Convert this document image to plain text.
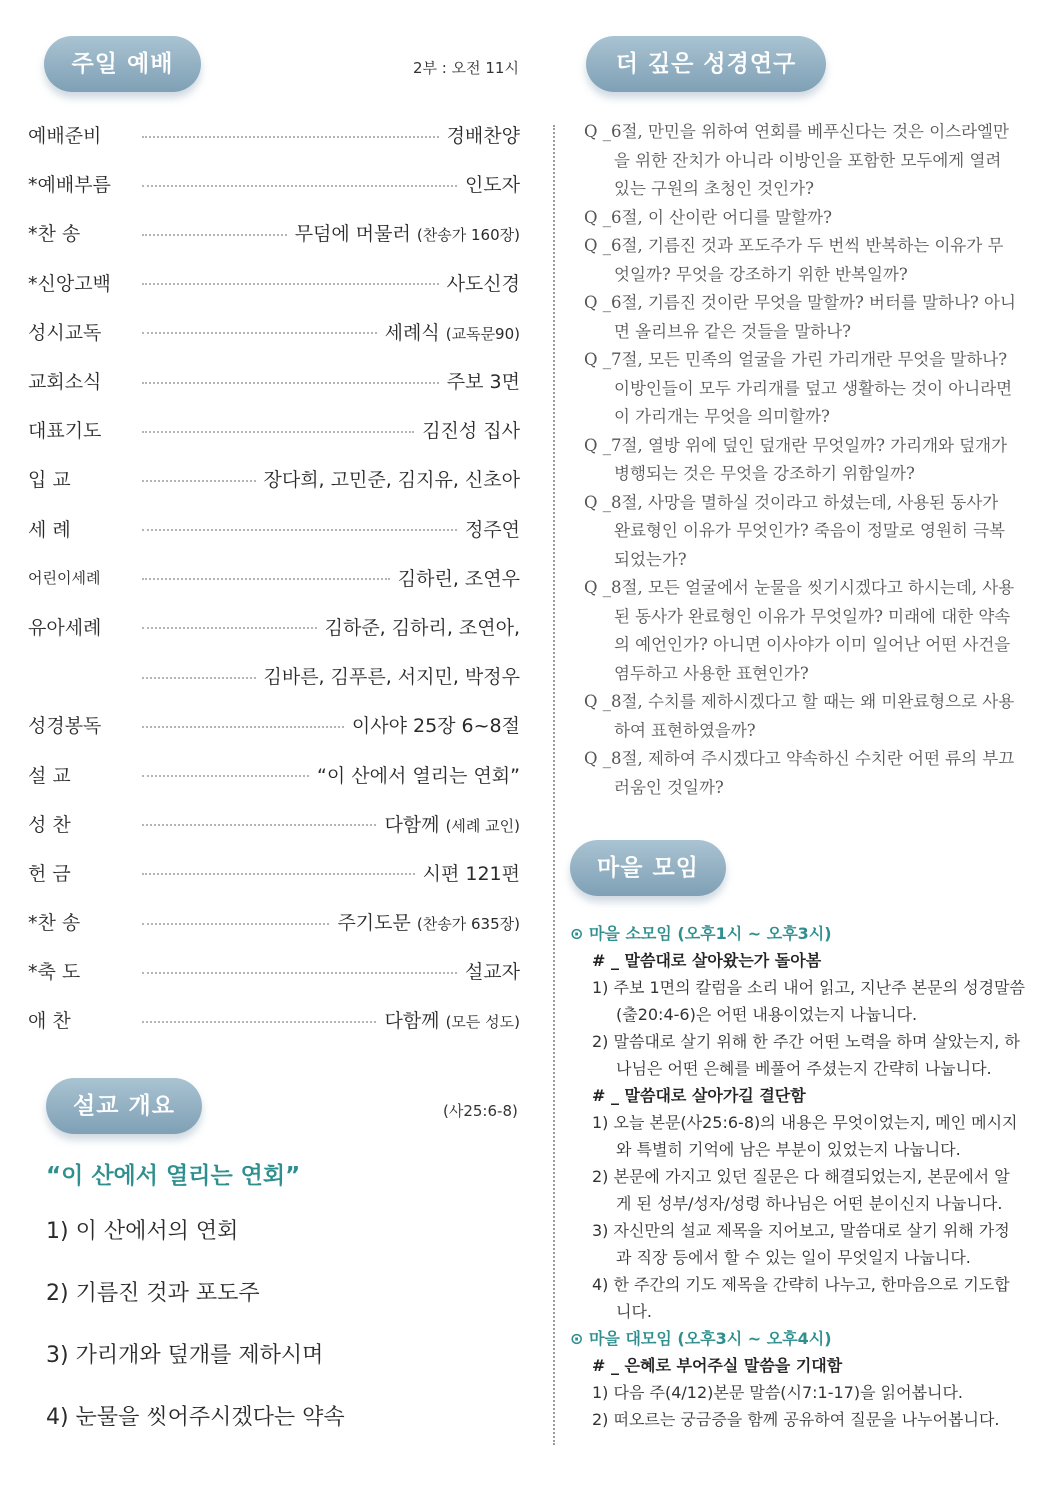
주일 예배	2부 : 오전 11시	더 깊은 성경연구
예배준비	경배찬양
*예배부름	인도자
*찬 송	무덤에 머물러 (찬송가 160장)
*신앙고백	사도신경
성시교독	세례식 (교독문90)
교회소식	주보 3면
대표기도	김진성 집사
입 교	장다희, 고민준, 김지유, 신초아
세 례	정주연
어린이세례	김하린, 조연우
유아세례	김하준, 김하리, 조연아,
김바른, 김푸른, 서지민, 박정우
성경봉독	이사야 25장 6~8절
설 교	“이 산에서 열리는 연회”
성 찬	다함께 (세례 교인)
헌 금	시편 121편
*찬 송	주기도문 (찬송가 635장)
*축 도	설교자
애 찬	다함께 (모든 성도)
설교 개요	(사25:6-8)
“이 산에서 열리는 연회”
1) 이 산에서의 연회
2) 기름진 것과 포도주
3) 가리개와 덮개를 제하시며
4) 눈물을 씻어주시겠다는 약속

Q _6절, 만민을 위하여 연회를 베푸신다는 것은 이스라엘만을 위한 잔치가 아니라 이방인을 포함한 모두에게 열려있는 구원의 초청인 것인가?

Q _6절, 이 산이란 어디를 말할까?

Q _6절, 기름진 것과 포도주가 두 번씩 반복하는 이유가 무엇일까? 무엇을 강조하기 위한 반복일까?

Q _6절, 기름진 것이란 무엇을 말할까? 버터를 말하나? 아니면 올리브유 같은 것들을 말하나?

Q _7절, 모든 민족의 얼굴을 가린 가리개란 무엇을 말하나? 이방인들이 모두 가리개를 덮고 생활하는 것이 아니라면 이 가리개는 무엇을 의미할까?

Q _7절, 열방 위에 덮인 덮개란 무엇일까? 가리개와 덮개가 병행되는 것은 무엇을 강조하기 위함일까?

Q _8절, 사망을 멸하실 것이라고 하셨는데, 사용된 동사가 완료형인 이유가 무엇인가? 죽음이 정말로 영원히 극복되었는가?

Q _8절, 모든 얼굴에서 눈물을 씻기시겠다고 하시는데, 사용된 동사가 완료형인 이유가 무엇일까? 미래에 대한 약속의 예언인가? 아니면 이사야가 이미 일어난 어떤 사건을 염두하고 사용한 표현인가?

Q _8절, 수치를 제하시겠다고 할 때는 왜 미완료형으로 사용하여 표현하였을까?

Q _8절, 제하여 주시겠다고 약속하신 수치란 어떤 류의 부끄러움인 것일까?

마을 모임
⊙ 마을 소모임 (오후1시 ~ 오후3시)
# _ 말씀대로 살아왔는가 돌아봄
1) 주보 1면의 칼럼을 소리 내어 읽고, 지난주 본문의 성경말씀(출20:4-6)은 어떤 내용이었는지 나눕니다.
2) 말씀대로 살기 위해 한 주간 어떤 노력을 하며 살았는지, 하나님은 어떤 은혜를 베풀어 주셨는지 간략히 나눕니다.
# _ 말씀대로 살아가길 결단함
1) 오늘 본문(사25:6-8)의 내용은 무엇이었는지, 메인 메시지와 특별히 기억에 남은 부분이 있었는지 나눕니다.
2) 본문에 가지고 있던 질문은 다 해결되었는지, 본문에서 알게 된 성부/성자/성령 하나님은 어떤 분이신지 나눕니다.
3) 자신만의 설교 제목을 지어보고, 말씀대로 살기 위해 가정과 직장 등에서 할 수 있는 일이 무엇일지 나눕니다.
4) 한 주간의 기도 제목을 간략히 나누고, 한마음으로 기도합니다.
⊙ 마을 대모임 (오후3시 ~ 오후4시)
# _ 은혜로 부어주실 말씀을 기대함
1) 다음 주(4/12)본문 말씀(시7:1-17)을 읽어봅니다.
2) 떠오르는 궁금증을 함께 공유하여 질문을 나누어봅니다.
